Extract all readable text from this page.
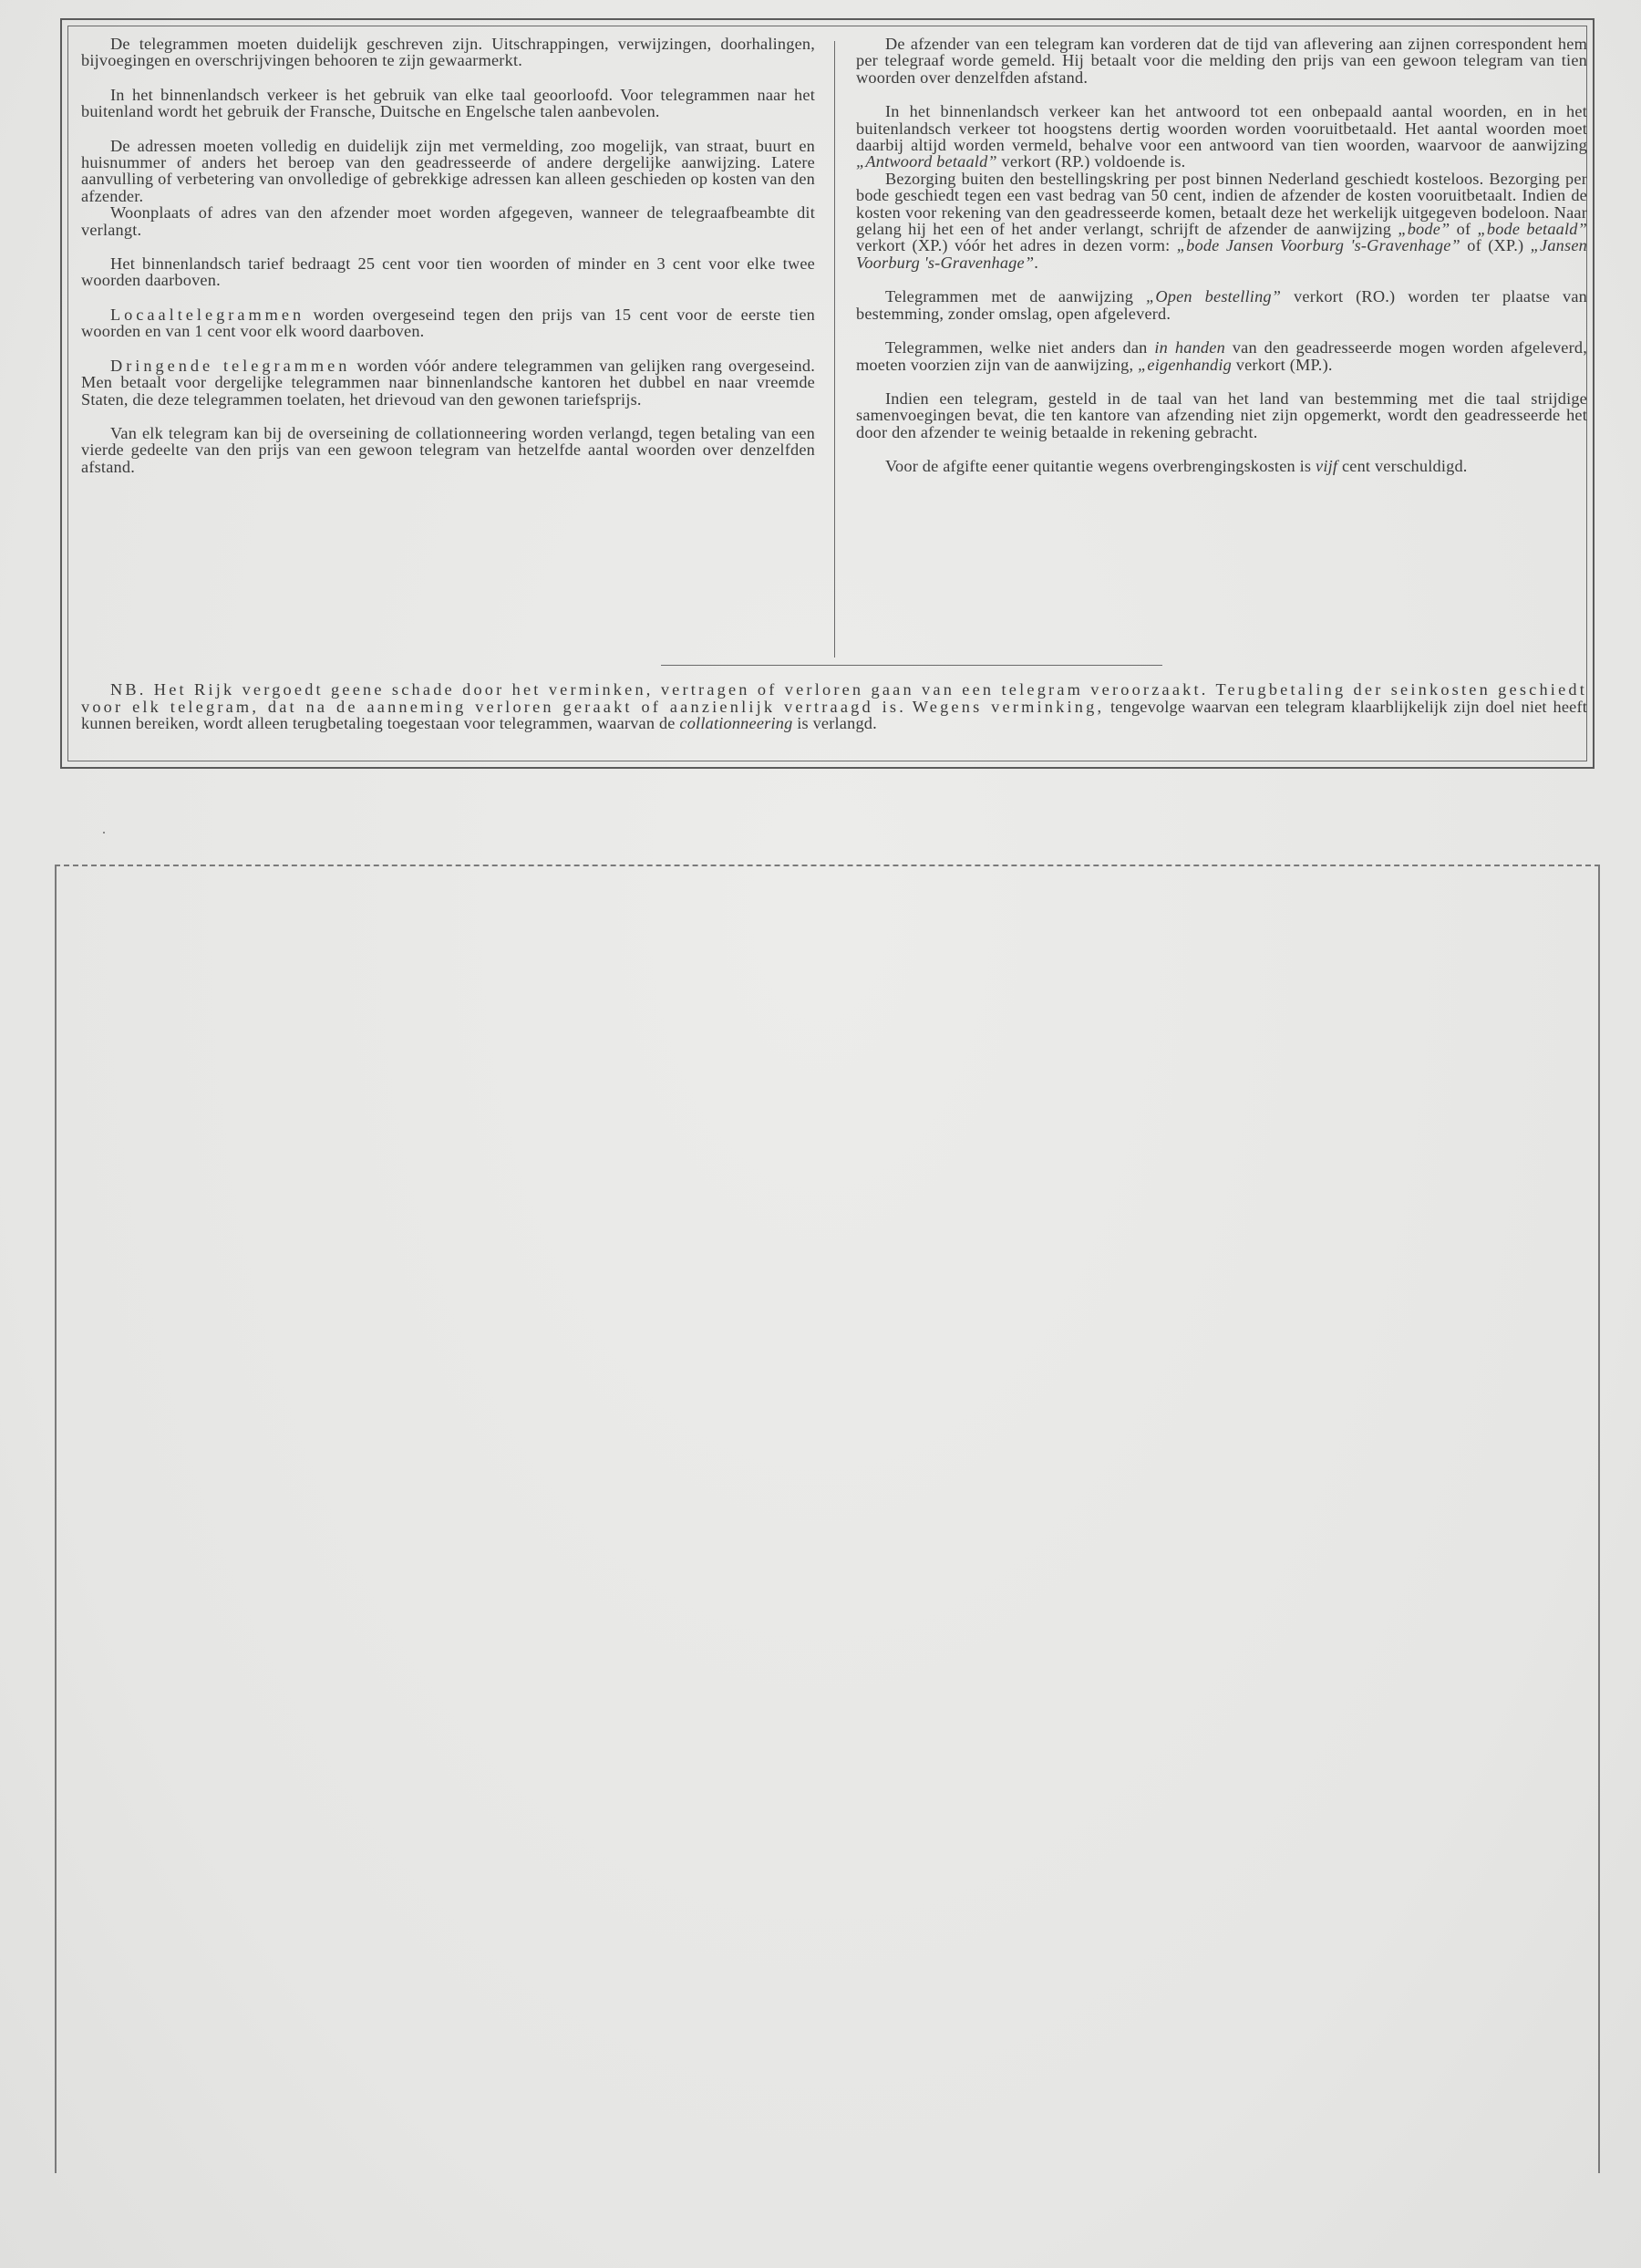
De telegrammen moeten duidelijk geschreven zijn. Uitschrappingen, verwijzingen, doorhalingen, bijvoegingen en overschrijvingen behooren te zijn gewaarmerkt.

In het binnenlandsch verkeer is het gebruik van elke taal geoorloofd. Voor telegrammen naar het buitenland wordt het gebruik der Fransche, Duitsche en Engelsche talen aanbevolen.

De adressen moeten volledig en duidelijk zijn met vermelding, zoo mogelijk, van straat, buurt en huisnummer of anders het beroep van den geadresseerde of andere dergelijke aanwijzing. Latere aanvulling of verbetering van onvolledige of gebrekkige adressen kan alleen geschieden op kosten van den afzender.

Woonplaats of adres van den afzender moet worden afgegeven, wanneer de telegraafbeambte dit verlangt.

Het binnenlandsch tarief bedraagt 25 cent voor tien woorden of minder en 3 cent voor elke twee woorden daarboven.

Locaaltelegrammen worden overgeseind tegen den prijs van 15 cent voor de eerste tien woorden en van 1 cent voor elk woord daarboven.

Dringende telegrammen worden vóór andere telegrammen van gelijken rang overgeseind. Men betaalt voor dergelijke telegrammen naar binnenlandsche kantoren het dubbel en naar vreemde Staten, die deze telegrammen toelaten, het drievoud van den gewonen tariefsprijs.

Van elk telegram kan bij de overseining de collationneering worden verlangd, tegen betaling van een vierde gedeelte van den prijs van een gewoon telegram van hetzelfde aantal woorden over denzelfden afstand.

De afzender van een telegram kan vorderen dat de tijd van aflevering aan zijnen correspondent hem per telegraaf worde gemeld. Hij betaalt voor die melding den prijs van een gewoon telegram van tien woorden over denzelfden afstand.

In het binnenlandsch verkeer kan het antwoord tot een onbepaald aantal woorden, en in het buitenlandsch verkeer tot hoogstens dertig woorden worden vooruitbetaald. Het aantal woorden moet daarbij altijd worden vermeld, behalve voor een antwoord van tien woorden, waarvoor de aanwijzing „Antwoord betaald” verkort (RP.) voldoende is.

Bezorging buiten den bestellingskring per post binnen Nederland geschiedt kosteloos. Bezorging per bode geschiedt tegen een vast bedrag van 50 cent, indien de afzender de kosten vooruitbetaalt. Indien de kosten voor rekening van den geadresseerde komen, betaalt deze het werkelijk uitgegeven bodeloon. Naar gelang hij het een of het ander verlangt, schrijft de afzender de aanwijzing „bode” of „bode betaald” verkort (XP.) vóór het adres in dezen vorm: „bode Jansen Voorburg 's-Gravenhage” of (XP.) „Jansen Voorburg 's-Gravenhage”.

Telegrammen met de aanwijzing „Open bestelling” verkort (RO.) worden ter plaatse van bestemming, zonder omslag, open afgeleverd.

Telegrammen, welke niet anders dan in handen van den geadresseerde mogen worden afgeleverd, moeten voorzien zijn van de aanwijzing, „eigenhandig verkort (MP.).

Indien een telegram, gesteld in de taal van het land van bestemming met die taal strijdige samenvoegingen bevat, die ten kantore van afzending niet zijn opgemerkt, wordt den geadresseerde het door den afzender te weinig betaalde in rekening gebracht.

Voor de afgifte eener quitantie wegens overbrengingskosten is vijf cent verschuldigd.

NB. Het Rijk vergoedt geene schade door het verminken, vertragen of verloren gaan van een telegram veroorzaakt. Terugbetaling der seinkosten geschiedt voor elk telegram, dat na de aanneming verloren geraakt of aanzienlijk vertraagd is. Wegens verminking, tengevolge waarvan een telegram klaarblijkelijk zijn doel niet heeft kunnen bereiken, wordt alleen terugbetaling toegestaan voor telegrammen, waarvan de collationneering is verlangd.
